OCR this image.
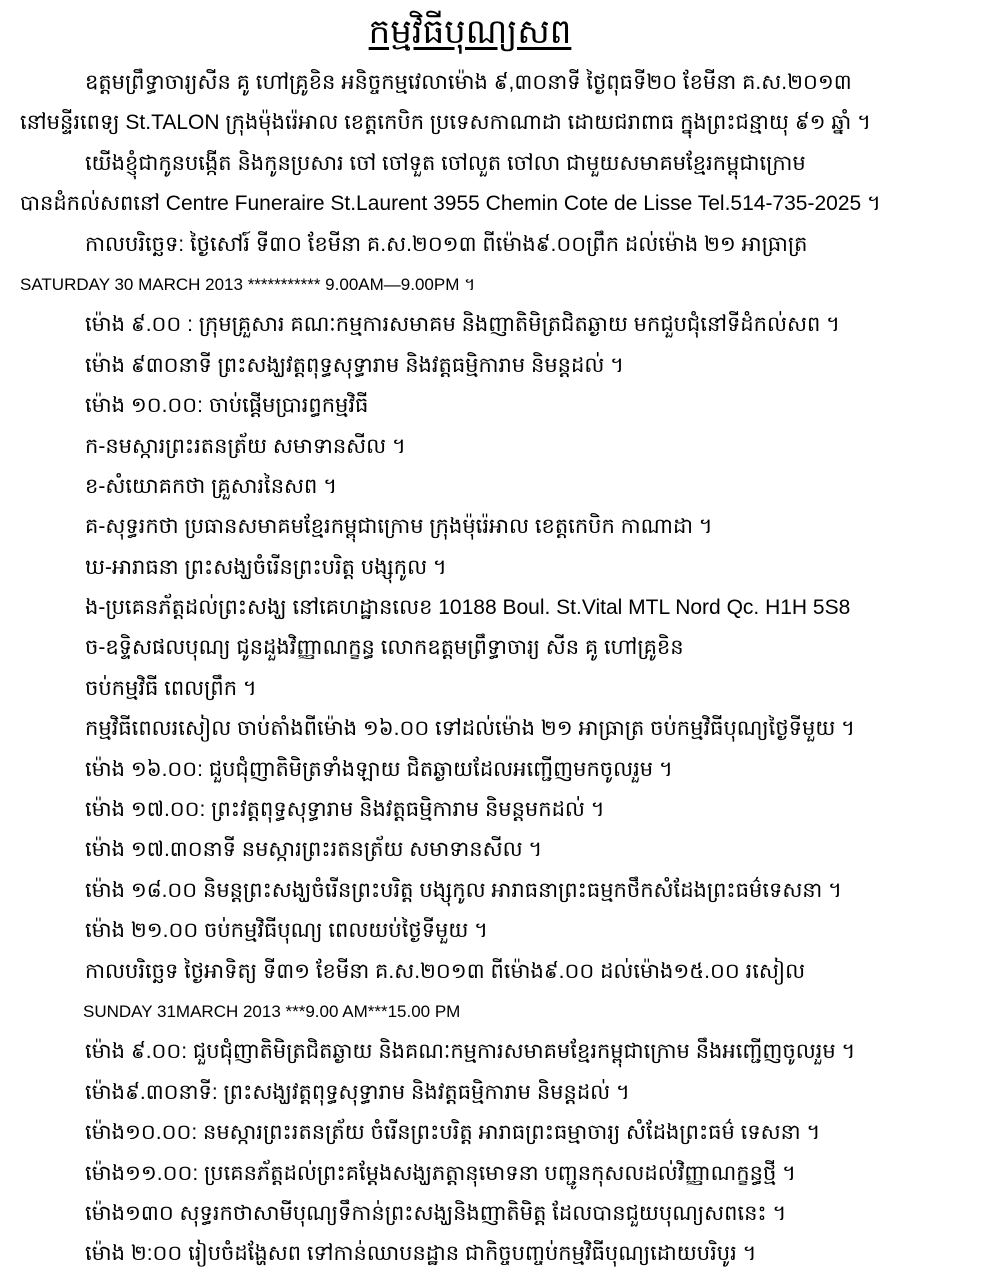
កម្មវិធីបុណ្យសព
ឧត្តមព្រឹទ្ធាចារ្យសីន គូ ហៅគ្រូខិន អនិច្ចកម្មវេលាម៉ោង ៩,៣០នាទី ថ្ងៃពុធទី២០ ខែមីនា គ.ស.២០១៣
នៅមន្ទីរពេទ្យ St.TALON ក្រុងម៉ុងរ៉េអាល ខេត្តកេបិក ប្រទេសកាណាដា ដោយជរាពាធ ក្នុងព្រះជន្មាយុ ៩១ ឆ្នាំ ។
យើងខ្ញុំជាកូនបង្កើត និងកូនប្រសារ ចៅ ចៅទួត ចៅលួត ចៅលា ជាមួយសមាគមខ្មែរកម្ពុជាក្រោម
បានដំកល់សពនៅ Centre Funeraire St.Laurent 3955 Chemin Cote de Lisse Tel.514-735-2025 ។
កាលបរិច្ឆេទ: ថ្ងៃសៅរ៍ ទី៣០ ខែមីនា គ.ស.២០១៣ ពីម៉ោង៩.០០ព្រឹក ដល់ម៉ោង ២១ អាធ្រាត្រ
SATURDAY 30 MARCH 2013 *********** 9.00AM—9.00PM ។
ម៉ោង ៩.០០ : ក្រុមគ្រួសារ គណៈកម្មការសមាគម និងញាតិមិត្រជិតឆ្ងាយ មកជួបជុំនៅទីដំកល់សព ។
ម៉ោង ៩៣០នាទី ព្រះសង្ឃវត្តពុទ្ធសុទ្ធារាម និងវត្តធម្មិការាម និមន្តដល់ ។
ម៉ោង ១០.០០: ចាប់ផ្តើមប្រារព្ធកម្មវិធី
ក-នមស្ការព្រះរតនត្រ័យ សមាទានសីល ។
ខ-សំយោគកថា គ្រួសារនៃសព ។
គ-សុទ្ធរកថា ប្រធានសមាគមខ្មែរកម្ពុជាក្រោម ក្រុងម៉ុរ៉េអាល ខេត្តកេបិក កាណាដា ។
ឃ-អារាធនា ព្រះសង្ឃចំរើនព្រះបរិត្ត បង្សុកូល ។
ង-ប្រគេនភ័ត្តដល់ព្រះសង្ឃ នៅគេហដ្ឋានលេខ 10188 Boul. St.Vital MTL Nord Qc. H1H 5S8
ច-ឧទ្ទិសផលបុណ្យ ជូនដួងវិញ្ញាណក្ខន្ធ លោកឧត្តមព្រឹទ្ធាចារ្យ សីន គូ ហៅគ្រូខិន
ចប់កម្មវិធី ពេលព្រឹក ។
កម្មវិធីពេលរសៀល ចាប់តាំងពីម៉ោង ១៦.០០ ទៅដល់ម៉ោង ២១ អាធ្រាត្រ ចប់កម្មវិធីបុណ្យថ្ងៃទីមួយ ។
ម៉ោង ១៦.០០: ជួបជុំញាតិមិត្រទាំងឡាយ ជិតឆ្ងាយដែលអញ្ជើញមកចូលរួម ។
ម៉ោង ១៧.០០: ព្រះវត្តពុទ្ធសុទ្ធារាម និងវត្តធម្មិការាម និមន្តមកដល់ ។
ម៉ោង ១៧.៣០នាទី នមស្ការព្រះរតនត្រ័យ សមាទានសីល ។
ម៉ោង ១៨.០០ និមន្តព្រះសង្ឃចំរើនព្រះបរិត្ត បង្សុកូល អារាធនាព្រះធម្មកថឹកសំដែងព្រះធម៌ទេសនា ។
ម៉ោង ២១.០០ ចប់កម្មវិធីបុណ្យ ពេលយប់ថ្ងៃទីមួយ ។
កាលបរិច្ឆេទ ថ្ងៃអាទិត្យ ទី៣១ ខែមីនា គ.ស.២០១៣ ពីម៉ោង៩.០០ ដល់ម៉ោង១៥.០០ រសៀល
SUNDAY 31MARCH 2013 ***9.00 AM***15.00 PM
ម៉ោង ៩.០០: ជួបជុំញាតិមិត្រជិតឆ្ងាយ និងគណៈកម្មការសមាគមខ្មែរកម្ពុជាក្រោម នឹងអញ្ជើញចូលរួម ។
ម៉ោង៩.៣០នាទី: ព្រះសង្ឃវត្តពុទ្ធសុទ្ធារាម និងវត្តធម្មិការាម និមន្តដល់ ។
ម៉ោង១០.០០: នមស្ការព្រះរតនត្រ័យ ចំរើនព្រះបរិត្ត អារាធព្រះធម្មាចារ្យ សំដែងព្រះធម៌ ទេសនា ។
ម៉ោង១១.០០: ប្រគេនភ័ត្តដល់ព្រះគម្តែងសង្ឃភត្តានុមោទនា បញ្ជូនកុសលដល់វិញ្ញាណក្ខន្ធថ្មី ។
ម៉ោង១៣០ សុទ្ធរកថាសាមីបុណ្យទឹកាន់ព្រះសង្ឃនិងញាតិមិត្ត ដែលបានជួយបុណ្យសពនេះ ។
ម៉ោង ២:០០ រៀបចំដង្ហែសព ទៅកាន់ឈាបនដ្ឋាន ជាកិច្ចបញ្ចប់កម្មវិធីបុណ្យដោយបរិបូរ ។
